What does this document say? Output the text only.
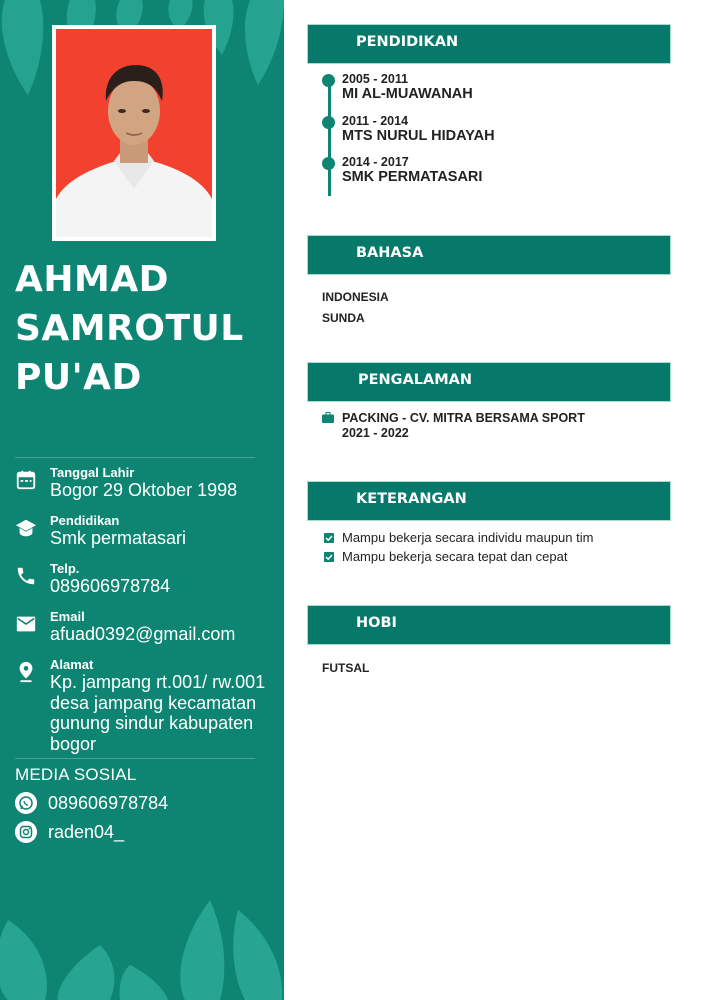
AHMAD
SAMROTUL
PU'AD
Tanggal Lahir
Bogor 29 Oktober 1998
Pendidikan
Smk permatasari
Telp.
089606978784
Email
afuad0392@gmail.com
Alamat
Kp. jampang rt.001/ rw.001 desa jampang kecamatan gunung sindur kabupaten bogor
MEDIA SOSIAL
089606978784
raden04_
PENDIDIKAN
2005 - 2011
MI AL-MUAWANAH
2011 - 2014
MTS NURUL HIDAYAH
2014 - 2017
SMK PERMATASARI
BAHASA
INDONESIA
SUNDA
PENGALAMAN
PACKING - CV. MITRA BERSAMA SPORT
2021 - 2022
KETERANGAN
Mampu bekerja secara individu maupun tim
Mampu bekerja secara tepat dan cepat
HOBI
FUTSAL
